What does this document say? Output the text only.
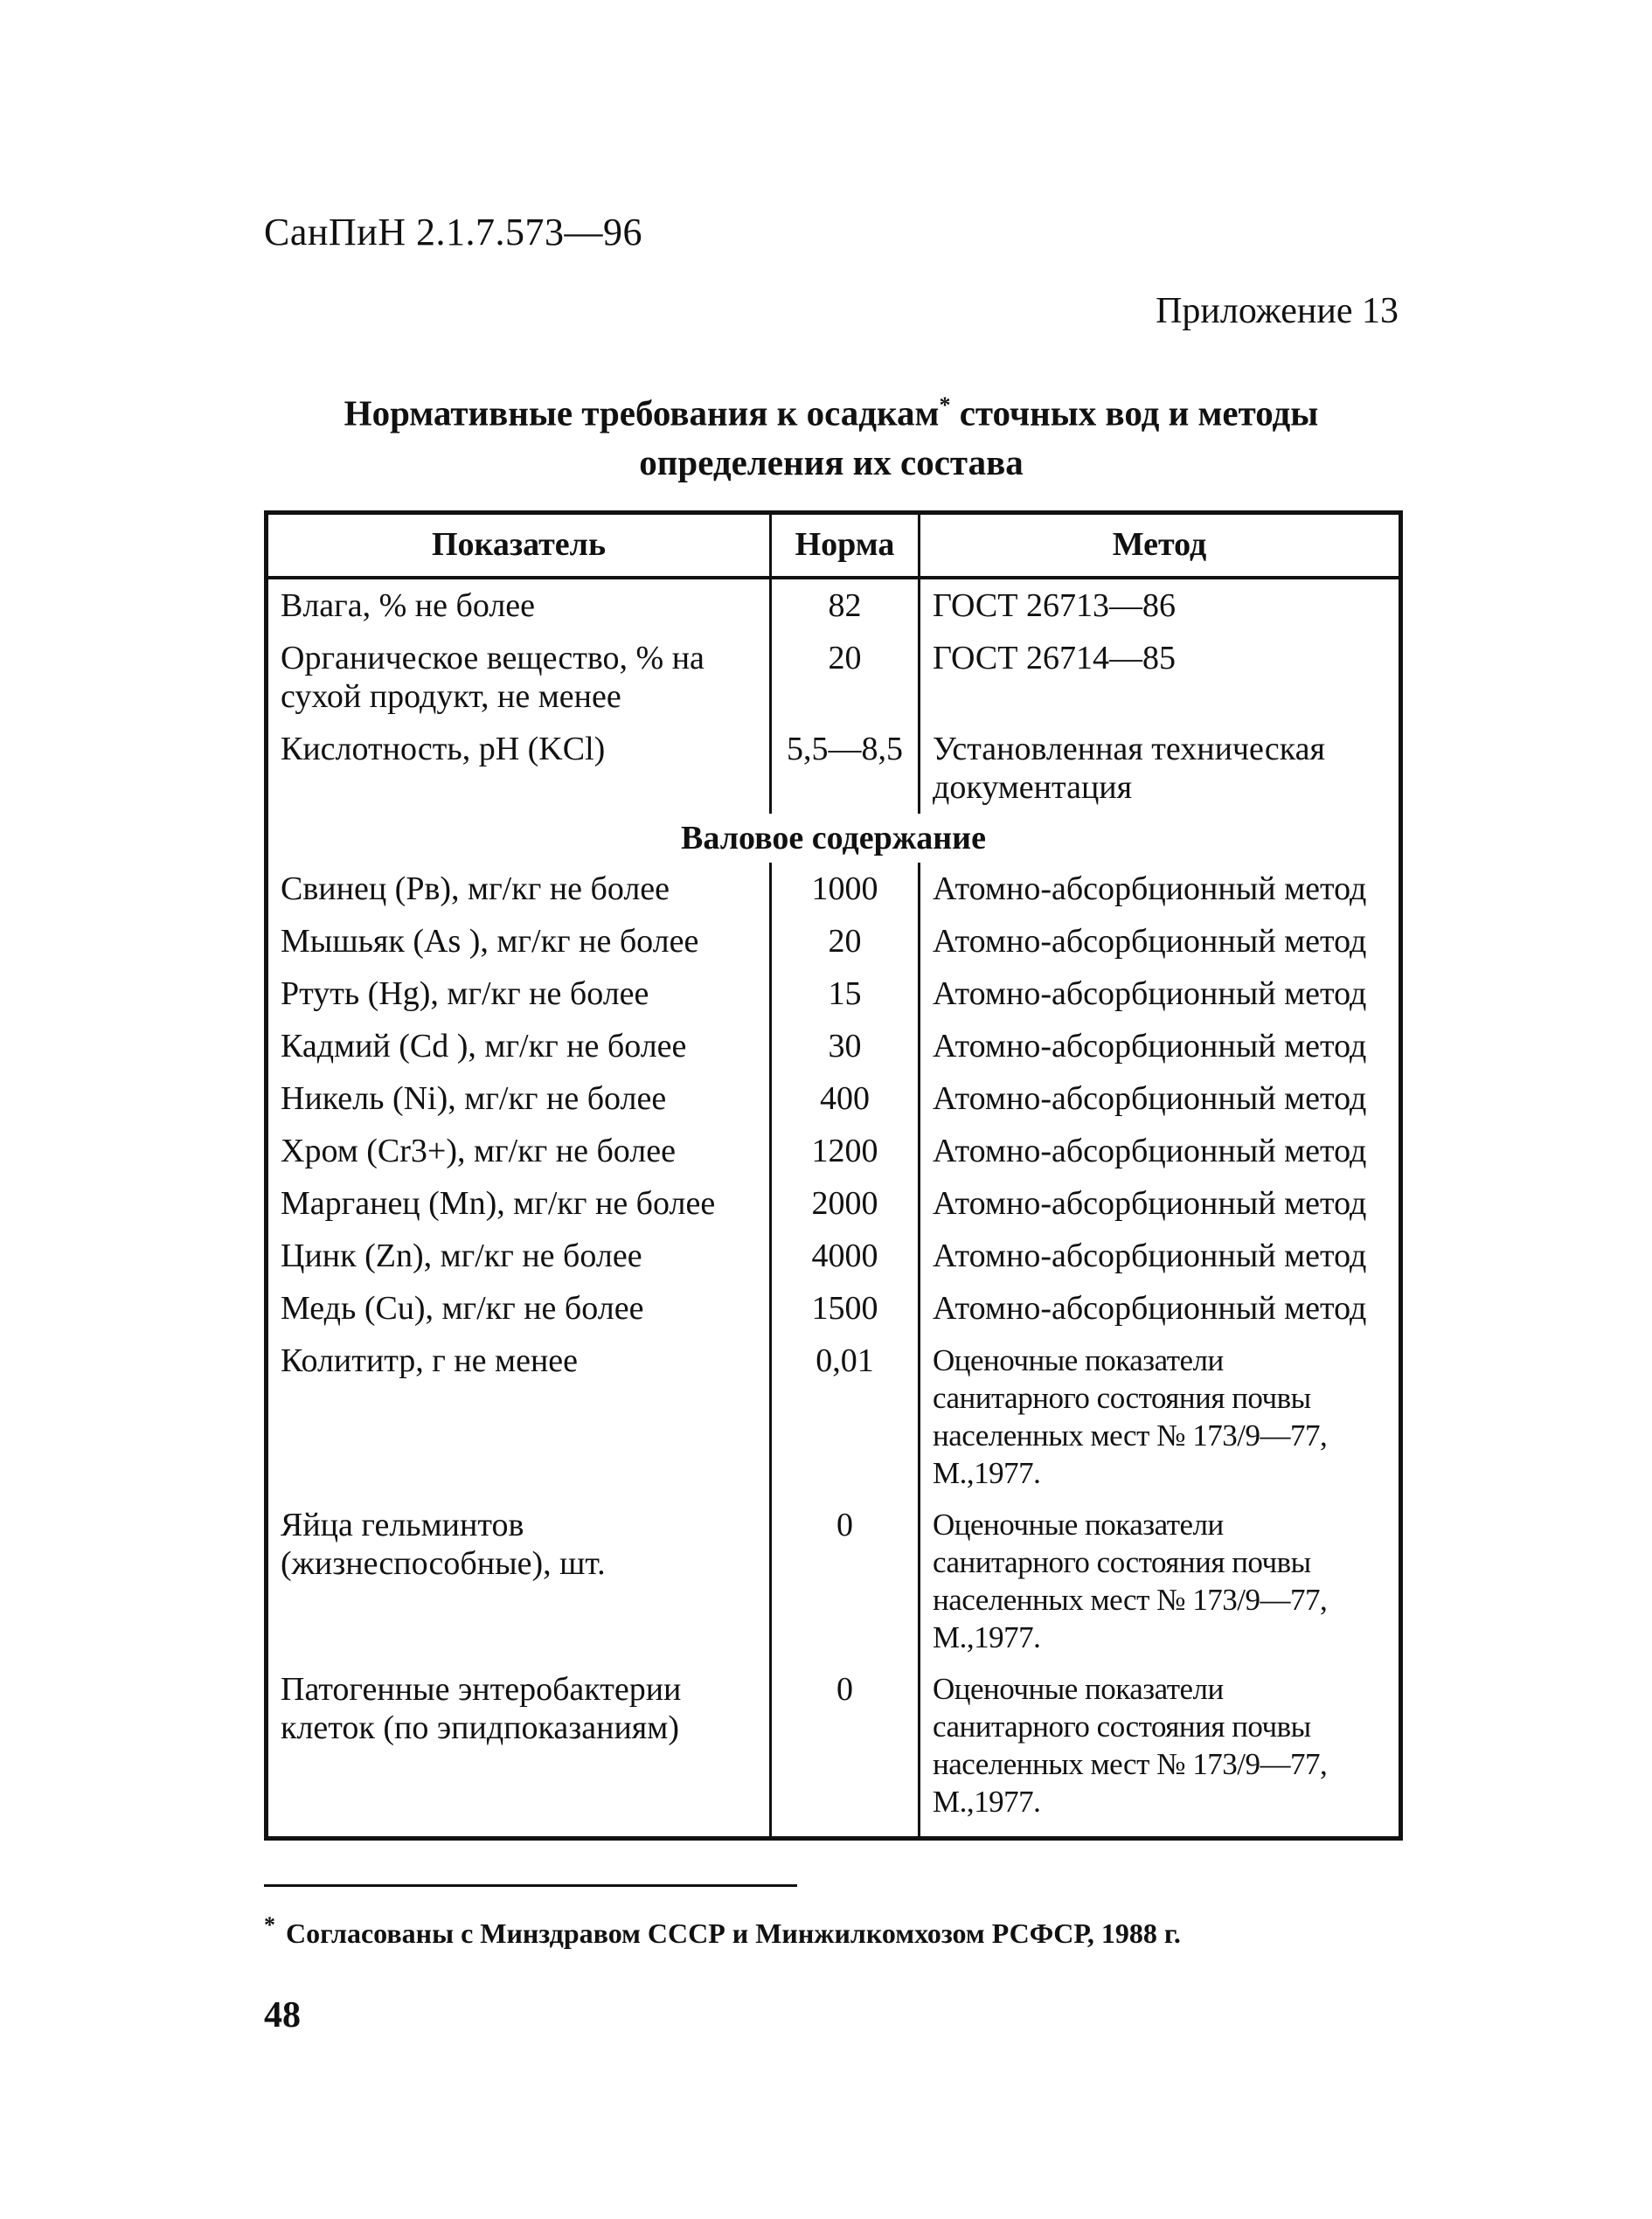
СанПиН 2.1.7.573—96
Приложение 13
Нормативные требования к осадкам* сточных вод и методы
определения их состава
Показатель	Норма	Метод
Влага, % не более	82	ГОСТ 26713—86
Органическое вещество, % на сухой продукт, не менее	20	ГОСТ 26714—85
Кислотность, pH (KCl)	5,5—8,5	Установленная техническая документация
Валовое содержание		
Свинец (Рв), мг/кг не более	1000	Атомно-абсорбционный метод
Мышьяк (As ), мг/кг не более	20	Атомно-абсорбционный метод
Ртуть (Hg), мг/кг не более	15	Атомно-абсорбционный метод
Кадмий (Cd ), мг/кг не более	30	Атомно-абсорбционный метод
Никель (Ni), мг/кг не более	400	Атомно-абсорбционный метод
Хром (Cr3+), мг/кг не более	1200	Атомно-абсорбционный метод
Марганец (Mn), мг/кг не более	2000	Атомно-абсорбционный метод
Цинк (Zn), мг/кг не более	4000	Атомно-абсорбционный метод
Медь (Cu), мг/кг не более	1500	Атомно-абсорбционный метод
Колититр, г не менее	0,01	Оценочные показатели санитарного состояния почвы населенных мест № 173/9—77, М.,1977.
Яйца гельминтов (жизнеспособные), шт.	0	Оценочные показатели санитарного состояния почвы населенных мест № 173/9—77, М.,1977.
Патогенные энтеробактерии клеток (по эпидпоказаниям)	0	Оценочные показатели санитарного состояния почвы населенных мест № 173/9—77, М.,1977.
* Согласованы с Минздравом СССР и Минжилкомхозом РСФСР, 1988 г.
48
